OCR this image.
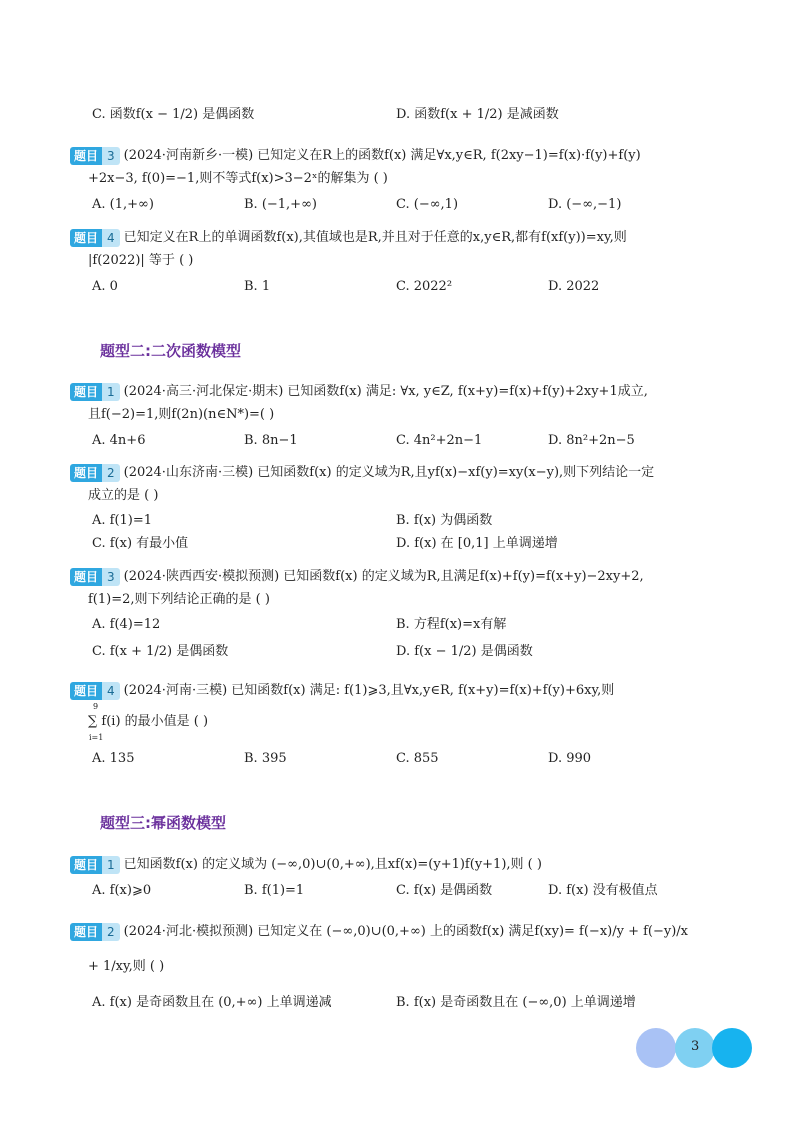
C. 函数f(x − 1/2) 是偶函数	D. 函数f(x + 1/2) 是减函数
题目 3 (2024·河南新乡·一模) 已知定义在R上的函数f(x) 满足∀x,y∈R, f(2xy−1)=f(x)·f(y)+f(y)
+2x−3, f(0)=−1,则不等式f(x)>3−2ˣ的解集为 ( )
A. (1,+∞)	B. (−1,+∞)	C. (−∞,1)	D. (−∞,−1)
题目 4 已知定义在R上的单调函数f(x),其值域也是R,并且对于任意的x,y∈R,都有f(xf(y))=xy,则
|f(2022)| 等于 ( )
A. 0	B. 1	C. 2022²	D. 2022
题型二:二次函数模型
题目 1 (2024·高三·河北保定·期末) 已知函数f(x) 满足: ∀x, y∈Z, f(x+y)=f(x)+f(y)+2xy+1成立,
且f(−2)=1,则f(2n)(n∈N*)=( )
A. 4n+6	B. 8n−1	C. 4n²+2n−1	D. 8n²+2n−5
题目 2 (2024·山东济南·三模) 已知函数f(x) 的定义域为R,且yf(x)−xf(y)=xy(x−y),则下列结论一定
成立的是 ( )
A. f(1)=1	B. f(x) 为偶函数
C. f(x) 有最小值	D. f(x) 在 [0,1] 上单调递增
题目 3 (2024·陕西西安·模拟预测) 已知函数f(x) 的定义域为R,且满足f(x)+f(y)=f(x+y)−2xy+2,
f(1)=2,则下列结论正确的是 ( )
A. f(4)=12	B. 方程f(x)=x有解
C. f(x + 1/2) 是偶函数	D. f(x − 1/2) 是偶函数
题目 4 (2024·河南·三模) 已知函数f(x) 满足: f(1)⩾3,且∀x,y∈R, f(x+y)=f(x)+f(y)+6xy,则
∑ f(i) 的最小值是 ( )
9
i=1
A. 135	B. 395	C. 855	D. 990
题型三:幂函数模型
题目 1 已知函数f(x) 的定义域为 (−∞,0)∪(0,+∞),且xf(x)=(y+1)f(y+1),则 ( )
A. f(x)⩾0	B. f(1)=1	C. f(x) 是偶函数	D. f(x) 没有极值点
题目 2 (2024·河北·模拟预测) 已知定义在 (−∞,0)∪(0,+∞) 上的函数f(x) 满足f(xy)= f(−x)/y + f(−y)/x
+ 1/xy,则 ( )
A. f(x) 是奇函数且在 (0,+∞) 上单调递减	B. f(x) 是奇函数且在 (−∞,0) 上单调递增
3
